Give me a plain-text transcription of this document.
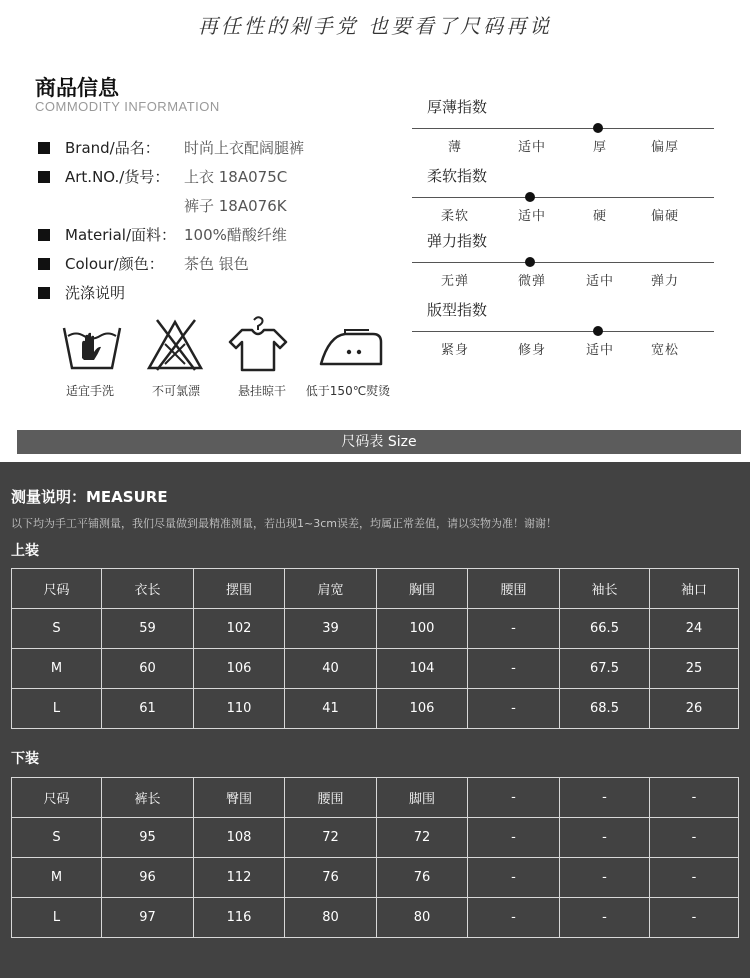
再任性的剁手党 也要看了尺码再说
商品信息
COMMODITY INFORMATION
Brand/品名： 时尚上衣配阔腿裤
Art.NO./货号： 上衣 18A075C
裤子 18A076K
Material/面料： 100%醋酸纤维
Colour/颜色： 茶色 银色
洗涤说明
适宜手洗	不可氯漂	悬挂晾干	低于150℃熨烫
厚薄指数
薄	适中	厚	偏厚
柔软指数
柔软	适中	硬	偏硬
弹力指数
无弹	微弹	适中	弹力
版型指数
紧身	修身	适中	宽松
尺码表 Size
测量说明：MEASURE
以下均为手工平铺测量，我们尽量做到最精准测量，若出现1~3cm误差，均属正常差值，请以实物为准！谢谢！
上装
尺码	衣长	摆围	肩宽	胸围	腰围	袖长	袖口
S	59	102	39	100	-	66.5	24
M	60	106	40	104	-	67.5	25
L	61	110	41	106	-	68.5	26
下装
尺码	裤长	臀围	腰围	脚围	-	-	-
S	95	108	72	72	-	-	-
M	96	112	76	76	-	-	-
L	97	116	80	80	-	-	-
